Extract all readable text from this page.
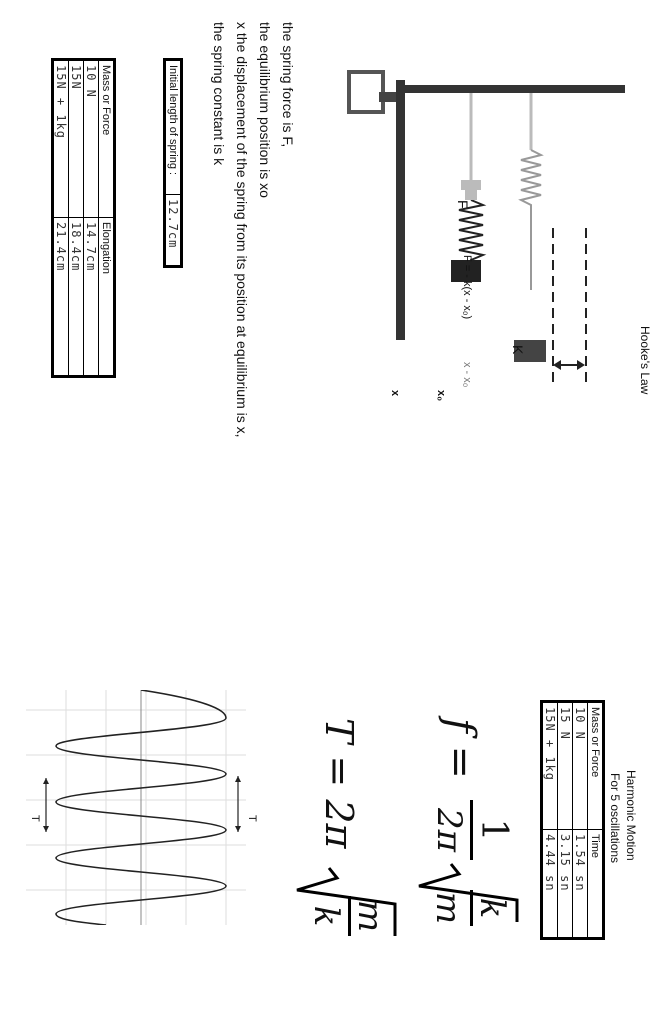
Hooke's Law
F
F = - k(x - x₀)
K
x - x₀
x₀
x
the spring force is F,
the equilibrium position is xo
x the displacement of the spring from its position at equilibrium is x,
the spring constant is k
Initial length of spring :	12.7cm
Mass or Force	Elongation
10 N	14.7cm
15N	18.4cm
15N + 1kg	21.4cm
Harmonic Motion
For 5 oscillations
Mass or Force	Time
10 N	1.54 sn
15 N	3.15 sn
15N + 1kg	4.44 sn
f =
1
2π
k
m
T = 2π
m
k
T
T
